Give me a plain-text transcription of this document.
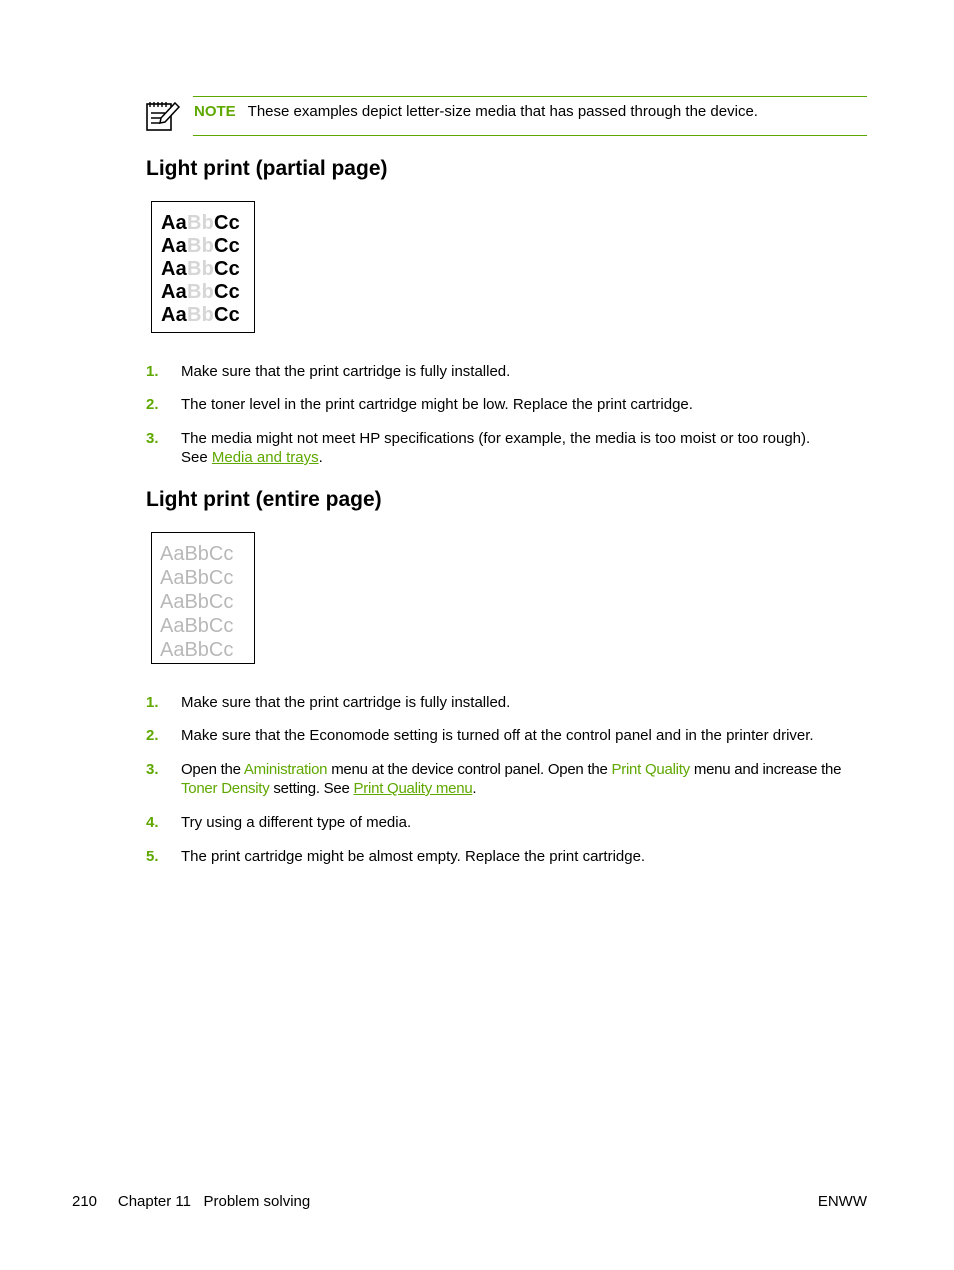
NOTE These examples depict letter-size media that has passed through the device.
Light print (partial page)
AaBbCc
AaBbCc
AaBbCc
AaBbCc
AaBbCc
1. Make sure that the print cartridge is fully installed.
2. The toner level in the print cartridge might be low. Replace the print cartridge.
3. The media might not meet HP specifications (for example, the media is too moist or too rough).
See Media and trays.
Light print (entire page)
AaBbCc
AaBbCc
AaBbCc
AaBbCc
AaBbCc
1. Make sure that the print cartridge is fully installed.
2. Make sure that the Economode setting is turned off at the control panel and in the printer driver.
3. Open the Aministration menu at the device control panel. Open the Print Quality menu and increase the Toner Density setting. See Print Quality menu.
4. Try using a different type of media.
5. The print cartridge might be almost empty. Replace the print cartridge.
210 Chapter 11 Problem solving	ENWW
